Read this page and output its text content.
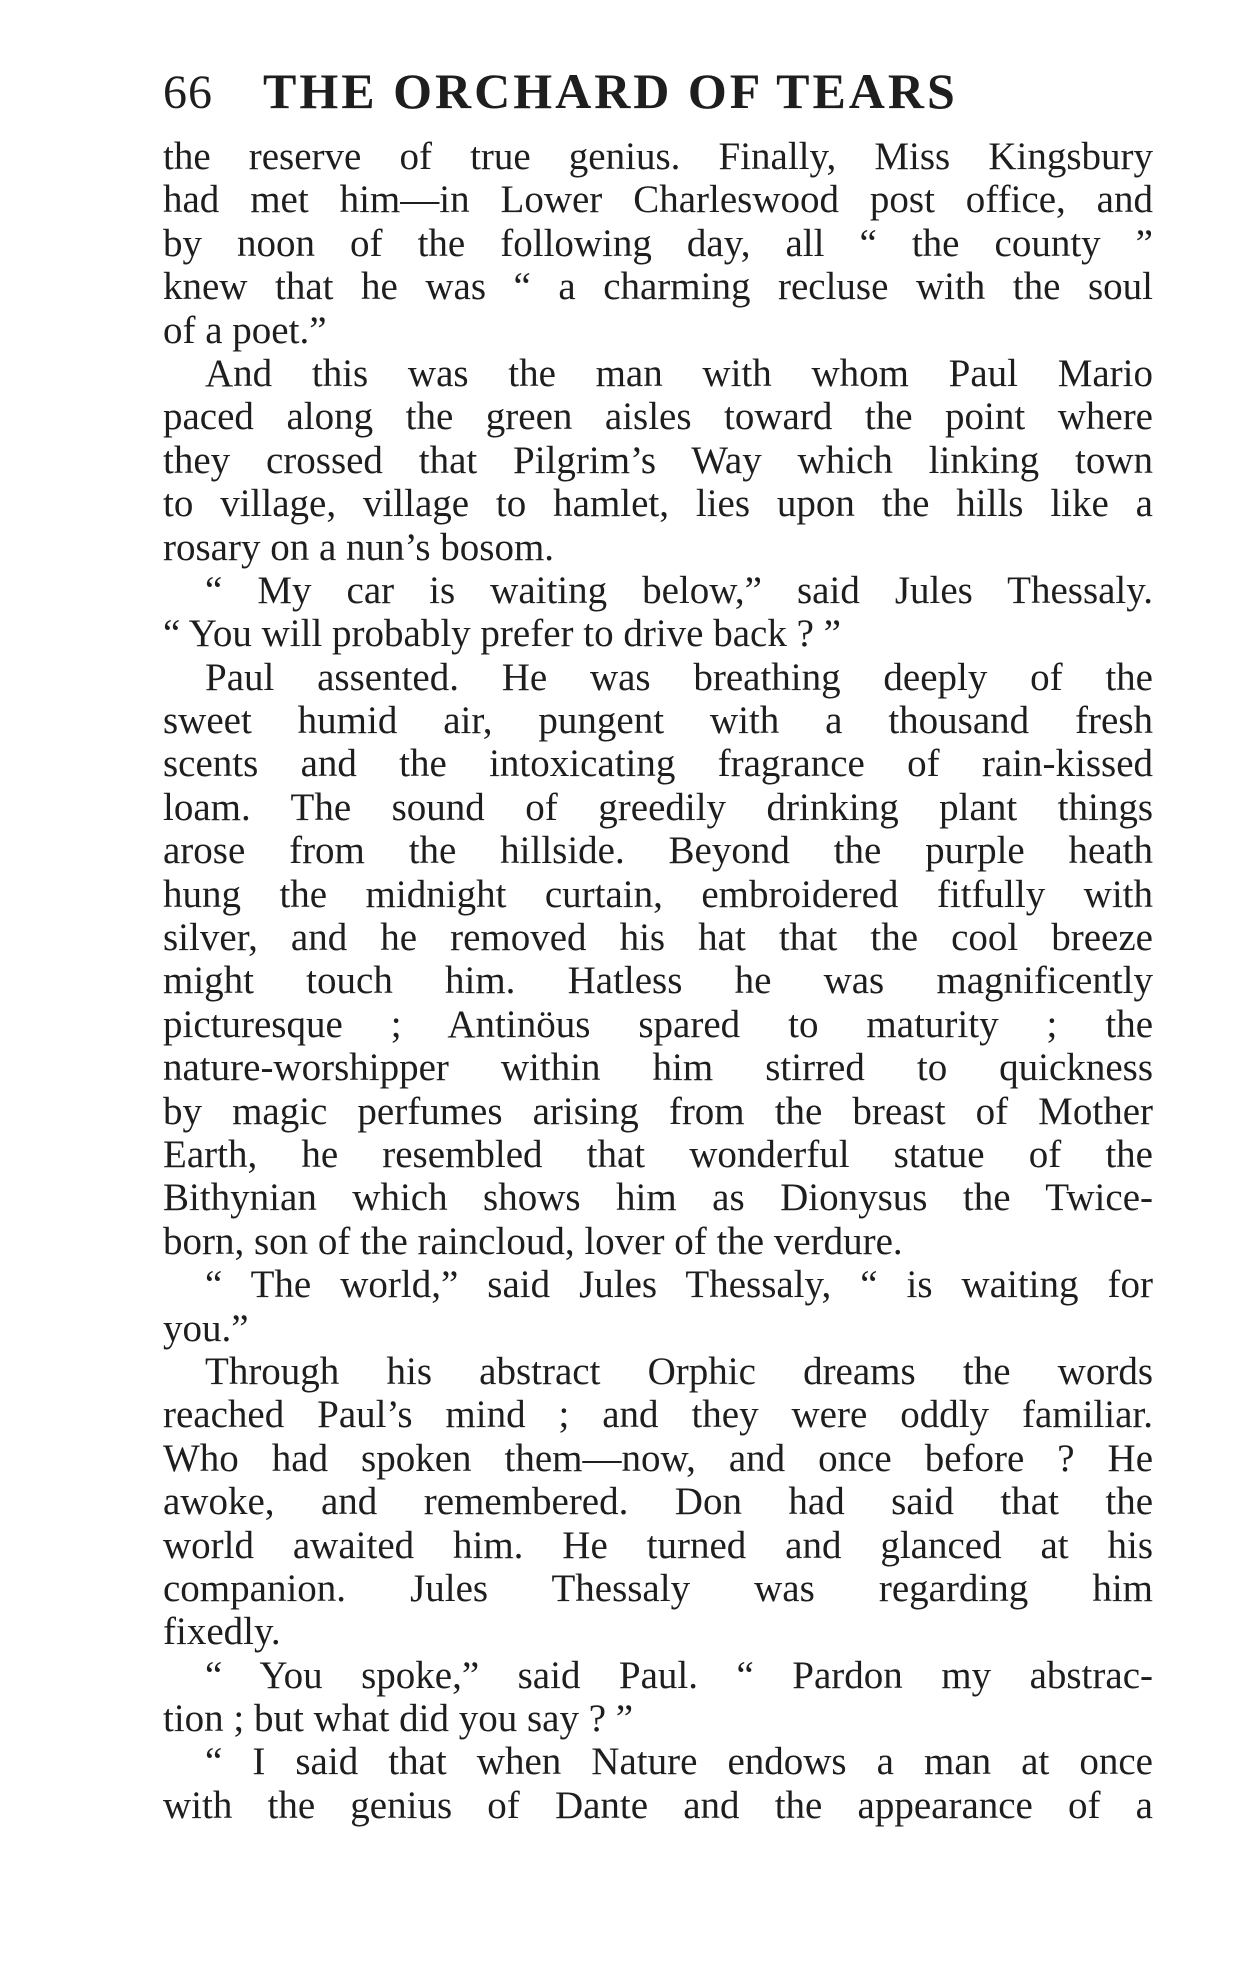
66 THE ORCHARD OF TEARS
the reserve of true genius. Finally, Miss Kingsbury
had met him—in Lower Charleswood post office, and
by noon of the following day, all “ the county ”
knew that he was “ a charming recluse with the soul
of a poet.”
And this was the man with whom Paul Mario
paced along the green aisles toward the point where
they crossed that Pilgrim’s Way which linking town
to village, village to hamlet, lies upon the hills like a
rosary on a nun’s bosom.
“ My car is waiting below,” said Jules Thessaly.
“ You will probably prefer to drive back ? ”
Paul assented. He was breathing deeply of the
sweet humid air, pungent with a thousand fresh
scents and the intoxicating fragrance of rain-kissed
loam. The sound of greedily drinking plant things
arose from the hillside. Beyond the purple heath
hung the midnight curtain, embroidered fitfully with
silver, and he removed his hat that the cool breeze
might touch him. Hatless he was magnificently
picturesque ; Antinöus spared to maturity ; the
nature-worshipper within him stirred to quickness
by magic perfumes arising from the breast of Mother
Earth, he resembled that wonderful statue of the
Bithynian which shows him as Dionysus the Twice-
born, son of the raincloud, lover of the verdure.
“ The world,” said Jules Thessaly, “ is waiting for
you.”
Through his abstract Orphic dreams the words
reached Paul’s mind ; and they were oddly familiar.
Who had spoken them—now, and once before ? He
awoke, and remembered. Don had said that the
world awaited him. He turned and glanced at his
companion. Jules Thessaly was regarding him
fixedly.
“ You spoke,” said Paul. “ Pardon my abstrac-
tion ; but what did you say ? ”
“ I said that when Nature endows a man at once
with the genius of Dante and the appearance of a
